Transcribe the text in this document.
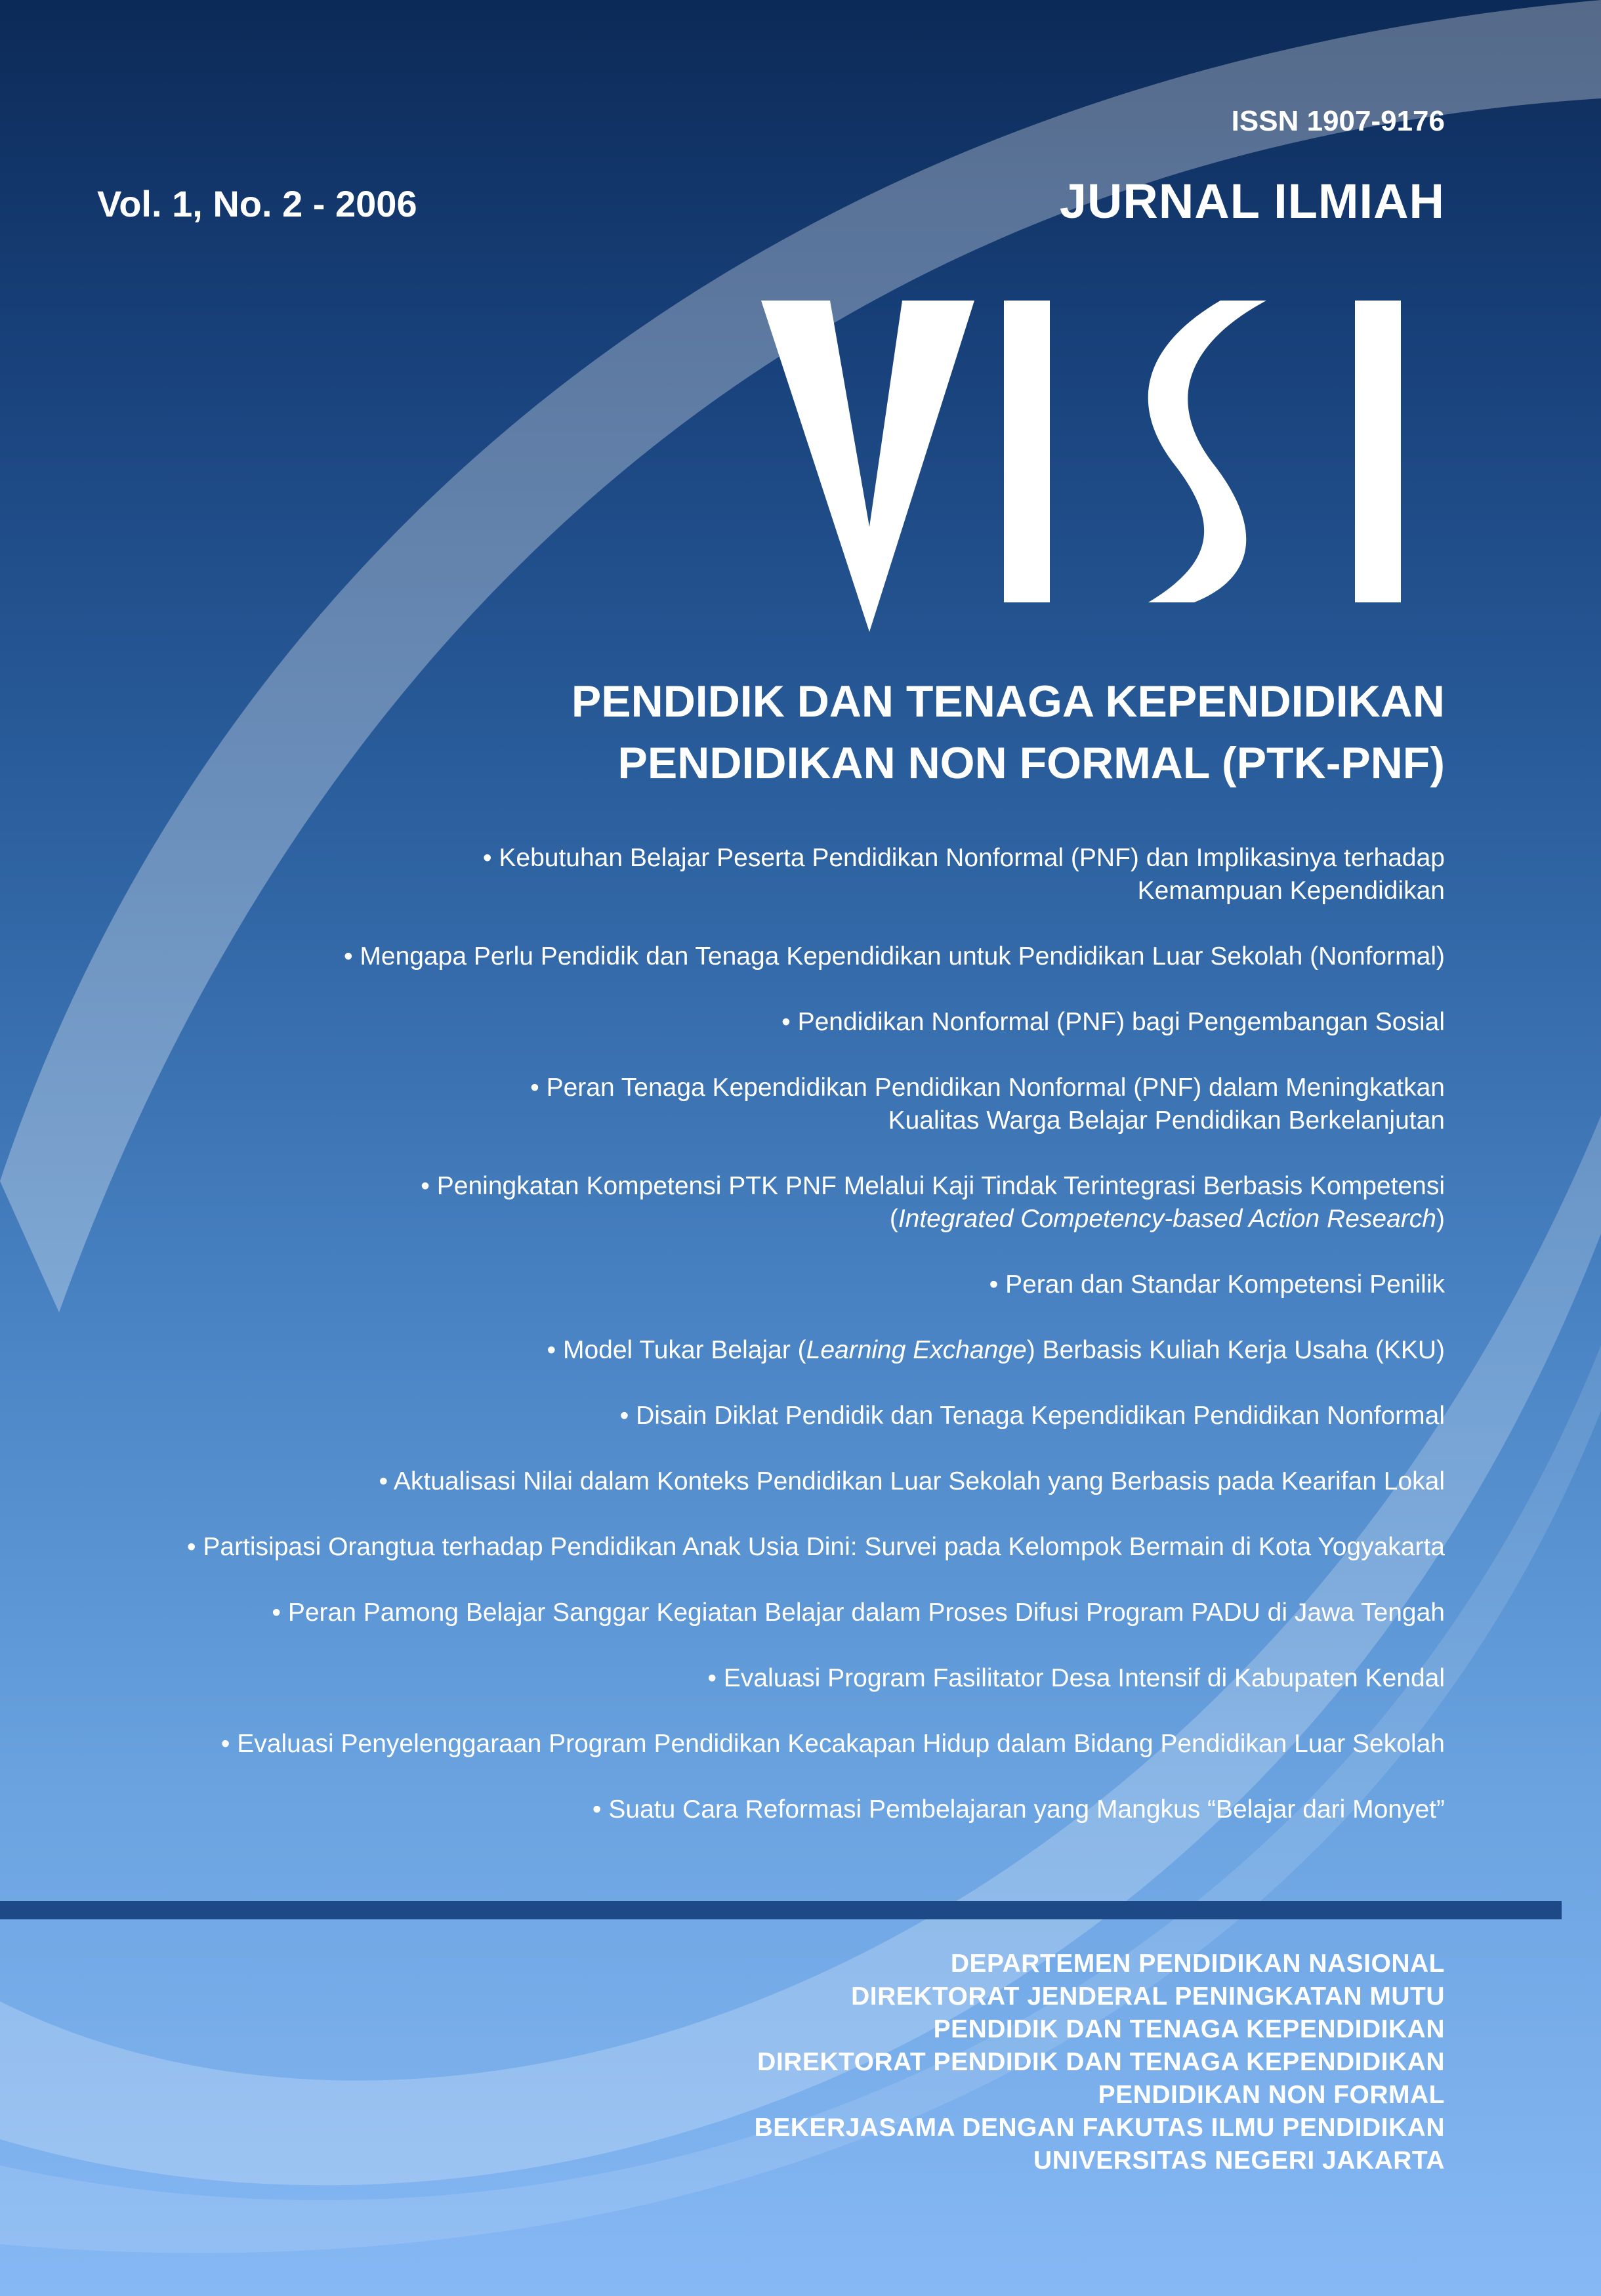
ISSN 1907-9176
Vol. 1, No. 2 - 2006	JURNAL ILMIAH
PENDIDIK DAN TENAGA KEPENDIDIKAN
PENDIDIKAN NON FORMAL (PTK-PNF)
• Kebutuhan Belajar Peserta Pendidikan Nonformal (PNF) dan Implikasinya terhadap
Kemampuan Kependidikan
• Mengapa Perlu Pendidik dan Tenaga Kependidikan untuk Pendidikan Luar Sekolah (Nonformal)
• Pendidikan Nonformal (PNF) bagi Pengembangan Sosial
• Peran Tenaga Kependidikan Pendidikan Nonformal (PNF) dalam Meningkatkan
Kualitas Warga Belajar Pendidikan Berkelanjutan
• Peningkatan Kompetensi PTK PNF Melalui Kaji Tindak Terintegrasi Berbasis Kompetensi
(Integrated Competency-based Action Research)
• Peran dan Standar Kompetensi Penilik
• Model Tukar Belajar (Learning Exchange) Berbasis Kuliah Kerja Usaha (KKU)
• Disain Diklat Pendidik dan Tenaga Kependidikan Pendidikan Nonformal
• Aktualisasi Nilai dalam Konteks Pendidikan Luar Sekolah yang Berbasis pada Kearifan Lokal
• Partisipasi Orangtua terhadap Pendidikan Anak Usia Dini: Survei pada Kelompok Bermain di Kota Yogyakarta
• Peran Pamong Belajar Sanggar Kegiatan Belajar dalam Proses Difusi Program PADU di Jawa Tengah
• Evaluasi Program Fasilitator Desa Intensif di Kabupaten Kendal
• Evaluasi Penyelenggaraan Program Pendidikan Kecakapan Hidup dalam Bidang Pendidikan Luar Sekolah
• Suatu Cara Reformasi Pembelajaran yang Mangkus “Belajar dari Monyet”
DEPARTEMEN PENDIDIKAN NASIONAL
DIREKTORAT JENDERAL PENINGKATAN MUTU
PENDIDIK DAN TENAGA KEPENDIDIKAN
DIREKTORAT PENDIDIK DAN TENAGA KEPENDIDIKAN
PENDIDIKAN NON FORMAL
BEKERJASAMA DENGAN FAKUTAS ILMU PENDIDIKAN
UNIVERSITAS NEGERI JAKARTA
